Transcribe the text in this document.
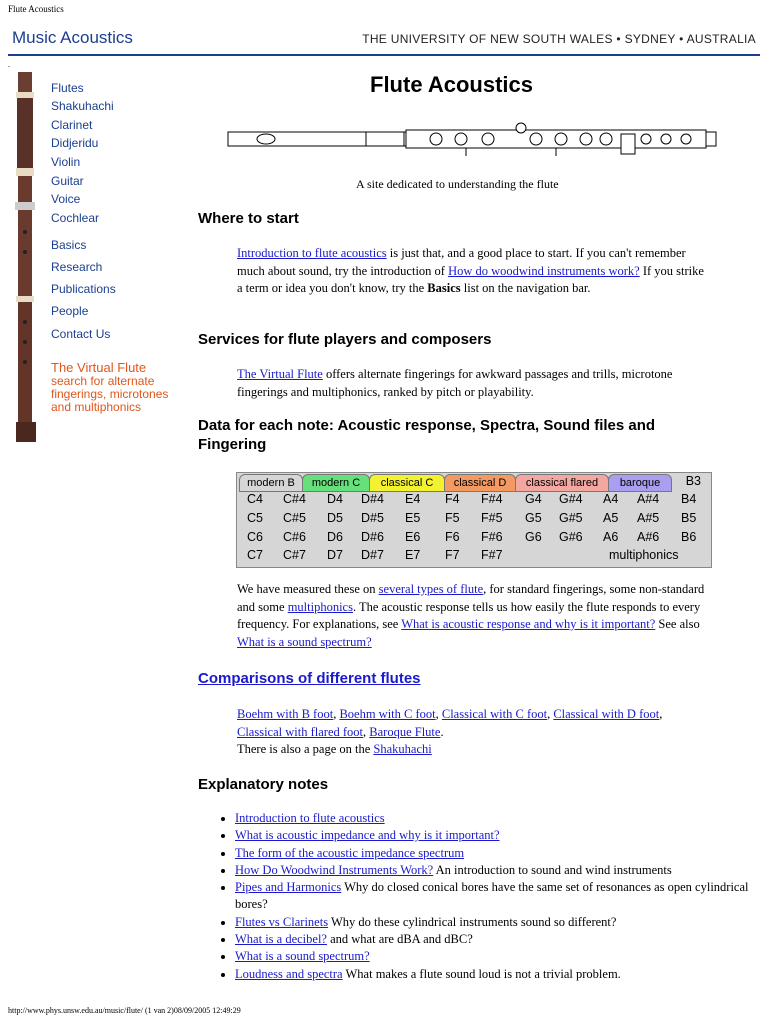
Flute Acoustics
Music Acoustics	THE UNIVERSITY OF NEW SOUTH WALES • SYDNEY • AUSTRALIA
.
Flutes
Shakuhachi
Clarinet
Didjeridu
Violin
Guitar
Voice
Cochlear
Basics
Research
Publications
People
Contact Us
The Virtual Flute
search for alternate
fingerings, microtones
and multiphonics
Flute Acoustics
A site dedicated to understanding the flute
Where to start
Introduction to flute acoustics is just that, and a good place to start. If you can't remember much about sound, try the introduction of How do woodwind instruments work? If you strike a term or idea you don't know, try the Basics list on the navigation bar.
Services for flute players and composers
The Virtual Flute offers alternate fingerings for awkward passages and trills, microtone fingerings and multiphonics, ranked by pitch or playability.
Data for each note: Acoustic response, Spectra, Sound files and Fingering
modern B	modern C	classical C	classical D	classical flared	baroque	B3
C4 C#4 D4 D#4 E4 F4 F#4 G4 G#4 A4 A#4 B4
C5 C#5 D5 D#5 E5 F5 F#5 G5 G#5 A5 A#5 B5
C6 C#6 D6 D#6 E6 F6 F#6 G6 G#6 A6 A#6 B6
C7 C#7 D7 D#7 E7 F7 F#7	multiphonics
We have measured these on several types of flute, for standard fingerings, some non-standard and some multiphonics. The acoustic response tells us how easily the flute responds to every frequency. For explanations, see What is acoustic response and why is it important? See also What is a sound spectrum?
Comparisons of different flutes
Boehm with B foot, Boehm with C foot, Classical with C foot, Classical with D foot, Classical with flared foot, Baroque Flute.
There is also a page on the Shakuhachi
Explanatory notes
• Introduction to flute acoustics
• What is acoustic impedance and why is it important?
• The form of the acoustic impedance spectrum
• How Do Woodwind Instruments Work? An introduction to sound and wind instruments
• Pipes and Harmonics Why do closed conical bores have the same set of resonances as open cylindrical bores?
• Flutes vs Clarinets Why do these cylindrical instruments sound so different?
• What is a decibel? and what are dBA and dBC?
• What is a sound spectrum?
• Loudness and spectra What makes a flute sound loud is not a trivial problem.
http://www.phys.unsw.edu.au/music/flute/ (1 van 2)08/09/2005 12:49:29
